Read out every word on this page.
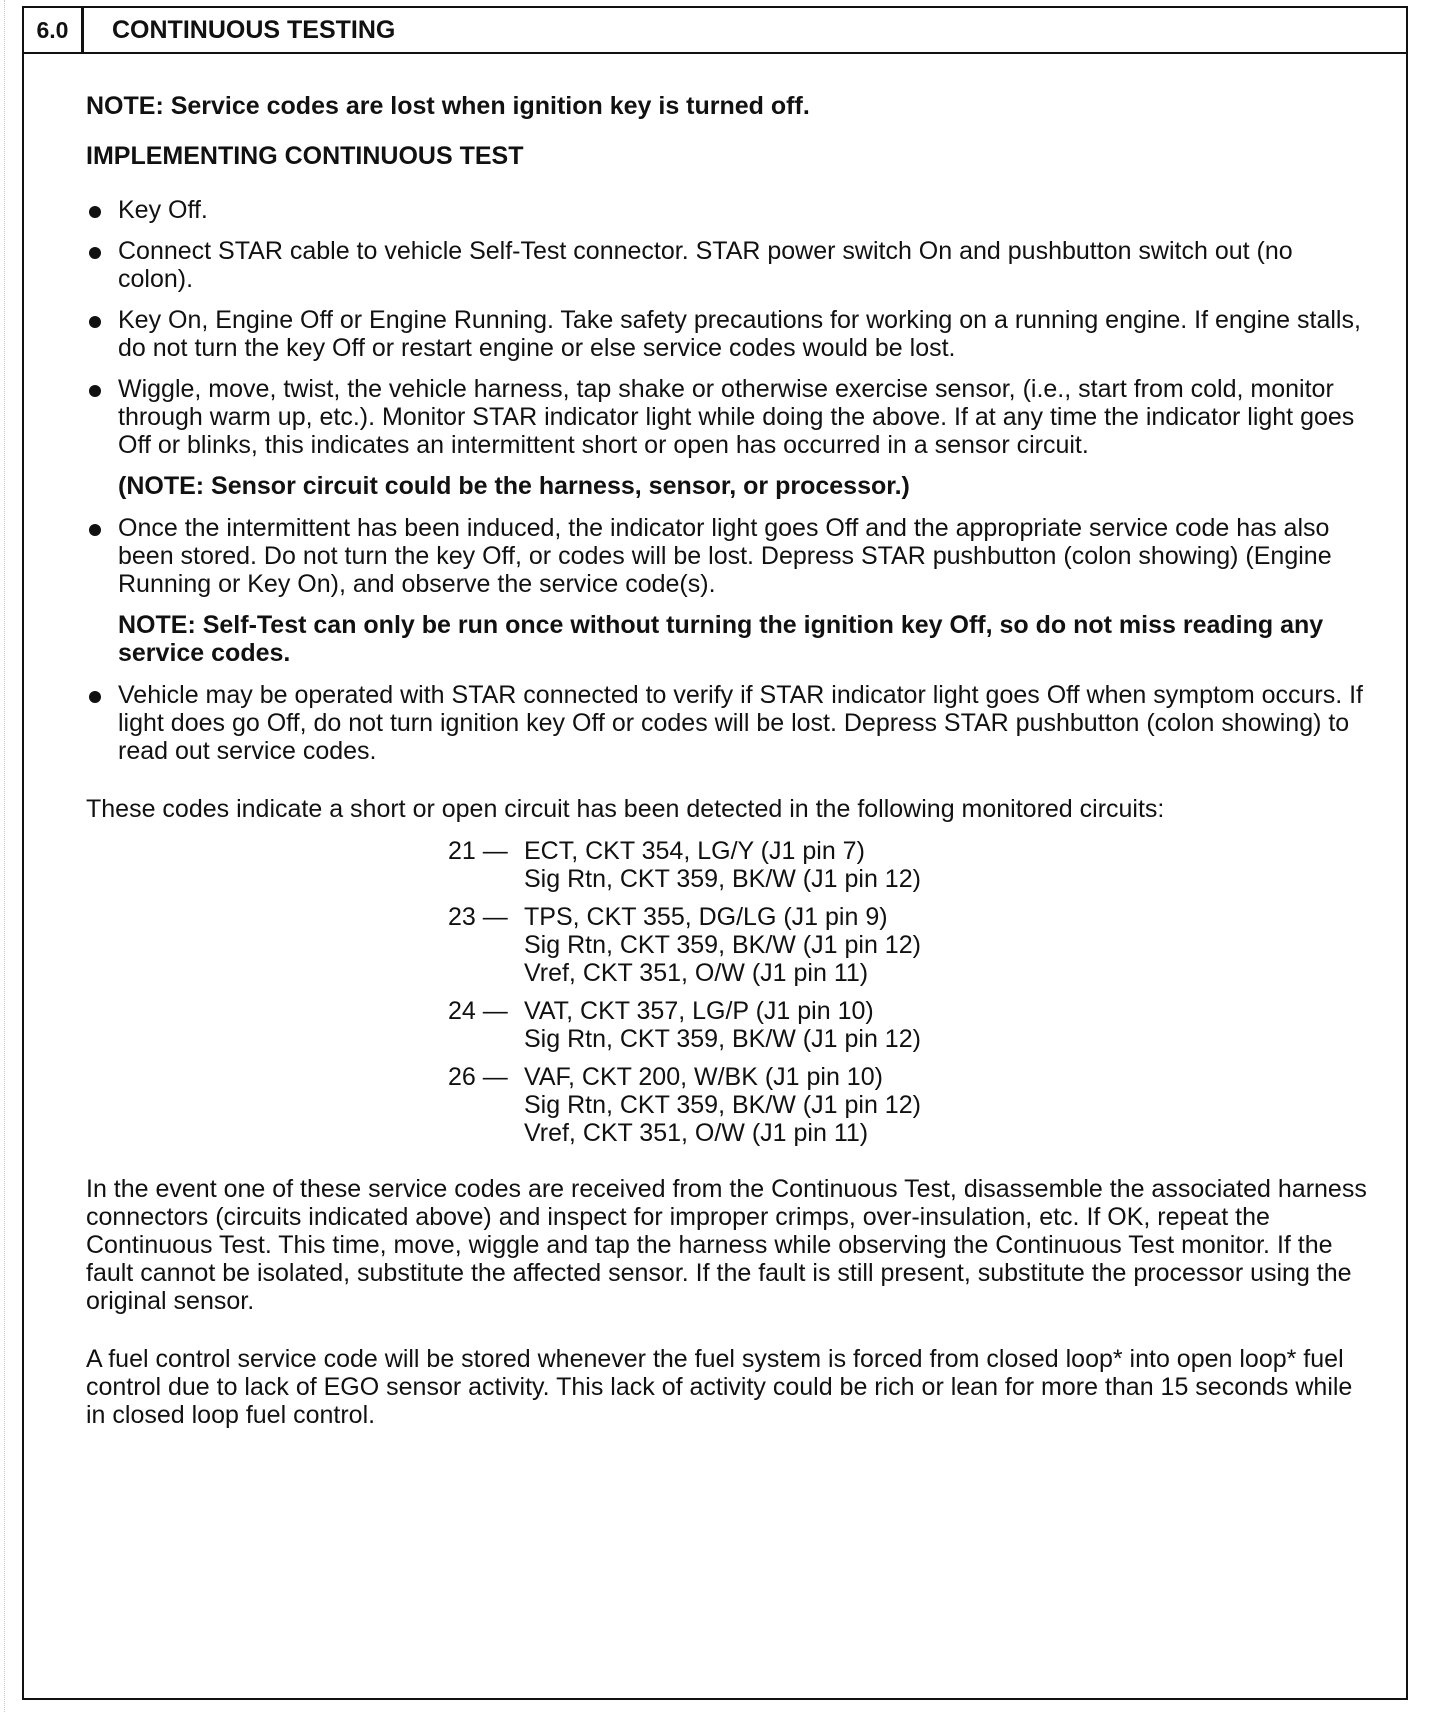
6.0	CONTINUOUS TESTING

NOTE: Service codes are lost when ignition key is turned off.

IMPLEMENTING CONTINUOUS TEST

Key Off.
Connect STAR cable to vehicle Self-Test connector. STAR power switch On and pushbutton switch out (no colon).
Key On, Engine Off or Engine Running. Take safety precautions for working on a running engine. If engine stalls, do not turn the key Off or restart engine or else service codes would be lost.
Wiggle, move, twist, the vehicle harness, tap shake or otherwise exercise sensor, (i.e., start from cold, monitor through warm up, etc.). Monitor STAR indicator light while doing the above. If at any time the indicator light goes Off or blinks, this indicates an intermittent short or open has occurred in a sensor circuit.

(NOTE: Sensor circuit could be the harness, sensor, or processor.)

Once the intermittent has been induced, the indicator light goes Off and the appropriate service code has also been stored. Do not turn the key Off, or codes will be lost. Depress STAR pushbutton (colon showing) (Engine Running or Key On), and observe the service code(s).

NOTE: Self-Test can only be run once without turning the ignition key Off, so do not miss reading any service codes.

Vehicle may be operated with STAR connected to verify if STAR indicator light goes Off when symptom occurs. If light does go Off, do not turn ignition key Off or codes will be lost. Depress STAR pushbutton (colon showing) to read out service codes.

These codes indicate a short or open circuit has been detected in the following monitored circuits:

21 — ECT, CKT 354, LG/Y (J1 pin 7)
Sig Rtn, CKT 359, BK/W (J1 pin 12)
23 — TPS, CKT 355, DG/LG (J1 pin 9)
Sig Rtn, CKT 359, BK/W (J1 pin 12)
Vref, CKT 351, O/W (J1 pin 11)
24 — VAT, CKT 357, LG/P (J1 pin 10)
Sig Rtn, CKT 359, BK/W (J1 pin 12)
26 — VAF, CKT 200, W/BK (J1 pin 10)
Sig Rtn, CKT 359, BK/W (J1 pin 12)
Vref, CKT 351, O/W (J1 pin 11)

In the event one of these service codes are received from the Continuous Test, disassemble the associated harness connectors (circuits indicated above) and inspect for improper crimps, over-insulation, etc. If OK, repeat the Continuous Test. This time, move, wiggle and tap the harness while observing the Continuous Test monitor. If the fault cannot be isolated, substitute the affected sensor. If the fault is still present, substitute the processor using the original sensor.

A fuel control service code will be stored whenever the fuel system is forced from closed loop* into open loop* fuel control due to lack of EGO sensor activity. This lack of activity could be rich or lean for more than 15 seconds while in closed loop fuel control.
